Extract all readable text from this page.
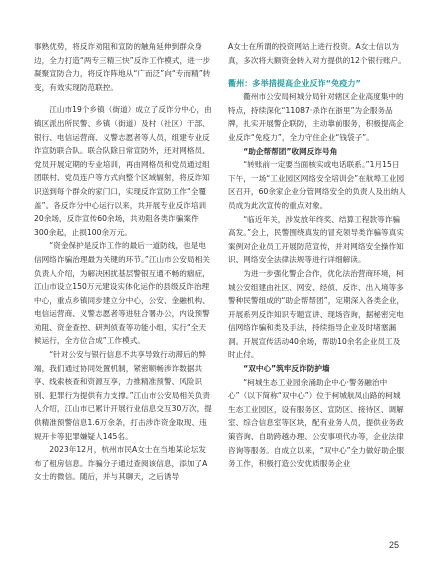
事熟优势，将反诈劝阻和宣防的触角延伸到群众身边，全力打造“两专三精三快”反诈工作模式，进一步凝聚宣防合力，将反诈阵地从“广而泛”向“专而精”转变，有效实现防范联控。

江山市19个乡镇（街道）成立了反诈分中心，由镇区派出所民警、乡镇（街道）及村（社区）干部、银行、电信运营商、义警志愿者等人员，组建专业反诈宣防联合队。联合队除日常宣防外，还对网格员、党员开展定期的专业培训，再由网格员和党员通过组团联村、党员连户等方式向整个区域辐射，将反诈知识送到每个群众的家门口，实现反诈宣防工作“全覆盖”。各反诈分中心运行以来，共开展专业反诈培训20余场，反诈宣传60余场，共劝阻各类诈骗案件300余起，止损100余万元。

“资金保护是反诈工作的最后一道防线，也是电信网络诈骗治理最为关键的环节。”江山市公安局相关负责人介绍，为解决困扰基层警银互通不畅的痼症，江山市设立150万元建设实体化运作的县级反诈治理中心，重点乡镇同步建立分中心，公安、金融机构、电信运营商、义警志愿者等进驻合署办公，内设预警劝阻、资金查控、研判侦查等功能小组，实行“全天候运行，全方位合成”工作模式。

“针对公安与银行信息不共享导致行动滞后的弊端，我们通过协同处置机制，紧密顺畅涉诈数据共享、线索核查和资源互享，力推精准预警、风险识别、犯罪行为提供有力支撑。”江山市公安局相关负责人介绍，江山市已累计开展行业信息交互30万次，提供精准预警信息1.6万余条，打击涉诈资金取现、违规开卡等犯罪嫌疑人145名。

2023年12月，杭州市民A女士在当地某论坛发布了租房信息。诈骗分子通过查阅该信息，添加了A女士的微信。随后，并与其聊天，之后诱导

A女士在所谓的投资网站上进行投资。A女士信以为真，多次将大额资金转入对方提供的12个银行账户。

衢州：多举措提高企业反诈“免疫力”

衢州市公安局柯城分局针对辖区企业高度集中的特点，持续深化“11087·杀诈在浙里”为企服务品牌，扎实开展警企联防，主动靠前服务，积极提高企业反诈“免疫力”，全力守住企业“钱袋子”。

“助企帮帮团”收网反诈号角

“转账前一定要当面核实或电话联系。”1月15日下午，一场“工业园区网络安全培训会”在航埠工业园区召开，60余家企业分管网络安全的负责人及出纳人员成为此次宣传的重点对象。

“临近年关，涉发放年终奖、结算工程款等诈骗高发。”会上，民警围绕真发的冒充领导类诈骗等真实案例对企业员工开展防范宣传，并对网络安全操作知识、网络安全法律法规等进行详细解读。

为进一步强化警企合作，优化法治营商环境，柯城公安组建由社区、网安、经侦、反诈、出入境等多警种民警组成的“助企帮帮团”，定期深入各类企业，开展系列反诈知识专题宣讲、现场咨询，据秘密完电信网络诈骗和类及手法，持续指导企业及时堵塞漏洞。开展宣传活动40余场，帮助10余名企业员工及时止付。

“双中心”筑牢反诈防护墙

“柯城生态工业园余涌助企中心·警务融治中心”（以下简称“双中心”）位于柯城航凤山路的柯城生态工业园区，设有服务区、宣防区、接待区、调解室、综合信息室等区块，配有业务人员，提供业务政策咨询、自助跨越办理、公安事项代办等，企业法律咨询等服务。自成立以来，“双中心”全力做好助企服务工作，积极打造公安优质服务企业

25
